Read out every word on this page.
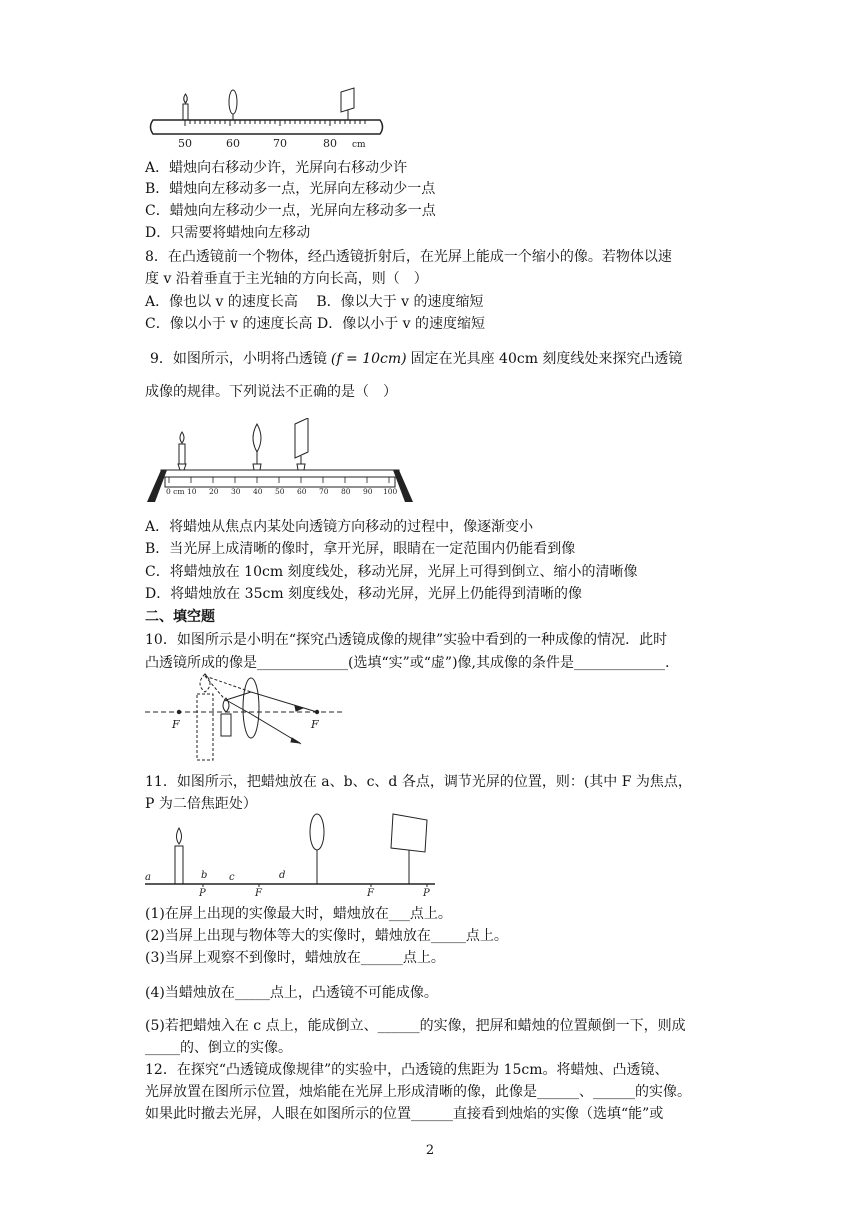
50	60	70	80 cm
A．蜡烛向右移动少许，光屏向右移动少许
B．蜡烛向左移动多一点，光屏向左移动少一点
C．蜡烛向左移动少一点，光屏向左移动多一点
D．只需要将蜡烛向左移动
8．在凸透镜前一个物体，经凸透镜折射后，在光屏上能成一个缩小的像。若物体以速
度 v 沿着垂直于主光轴的方向长高，则（　）
A．像也以 v 的速度长高　 B．像以大于 v 的速度缩短
C．像以小于 v 的速度长高 D．像以小于 v 的速度缩短
9．如图所示，小明将凸透镜 (f = 10cm) 固定在光具座 40cm 刻度线处来探究凸透镜
成像的规律。下列说法不正确的是（　）
0 cm 10 20 30 40 50 60 70 80 90 100
A．将蜡烛从焦点内某处向透镜方向移动的过程中，像逐渐变小
B．当光屏上成清晰的像时，拿开光屏，眼睛在一定范围内仍能看到像
C．将蜡烛放在 10cm 刻度线处，移动光屏，光屏上可得到倒立、缩小的清晰像
D．将蜡烛放在 35cm 刻度线处，移动光屏，光屏上仍能得到清晰的像
二、填空题
10．如图所示是小明在“探究凸透镜成像的规律”实验中看到的一种成像的情况．此时
凸透镜所成的像是_____________(选填“实”或“虚”)像,其成像的条件是_____________.
F	F
11．如图所示，把蜡烛放在 a、b、c、d 各点，调节光屏的位置，则：(其中 F 为焦点，
P 为二倍焦距处）
a	b c	d
P	F	F	P
(1)在屏上出现的实像最大时，蜡烛放在___点上。
(2)当屏上出现与物体等大的实像时，蜡烛放在_____点上。
(3)当屏上观察不到像时，蜡烛放在______点上。
(4)当蜡烛放在_____点上，凸透镜不可能成像。
(5)若把蜡烛入在 c 点上，能成倒立、______的实像，把屏和蜡烛的位置颠倒一下，则成
_____的、倒立的实像。
12．在探究“凸透镜成像规律”的实验中，凸透镜的焦距为 15cm。将蜡烛、凸透镜、
光屏放置在图所示位置，烛焰能在光屏上形成清晰的像，此像是______、______的实像。
如果此时撤去光屏，人眼在如图所示的位置______直接看到烛焰的实像（选填“能”或
2
